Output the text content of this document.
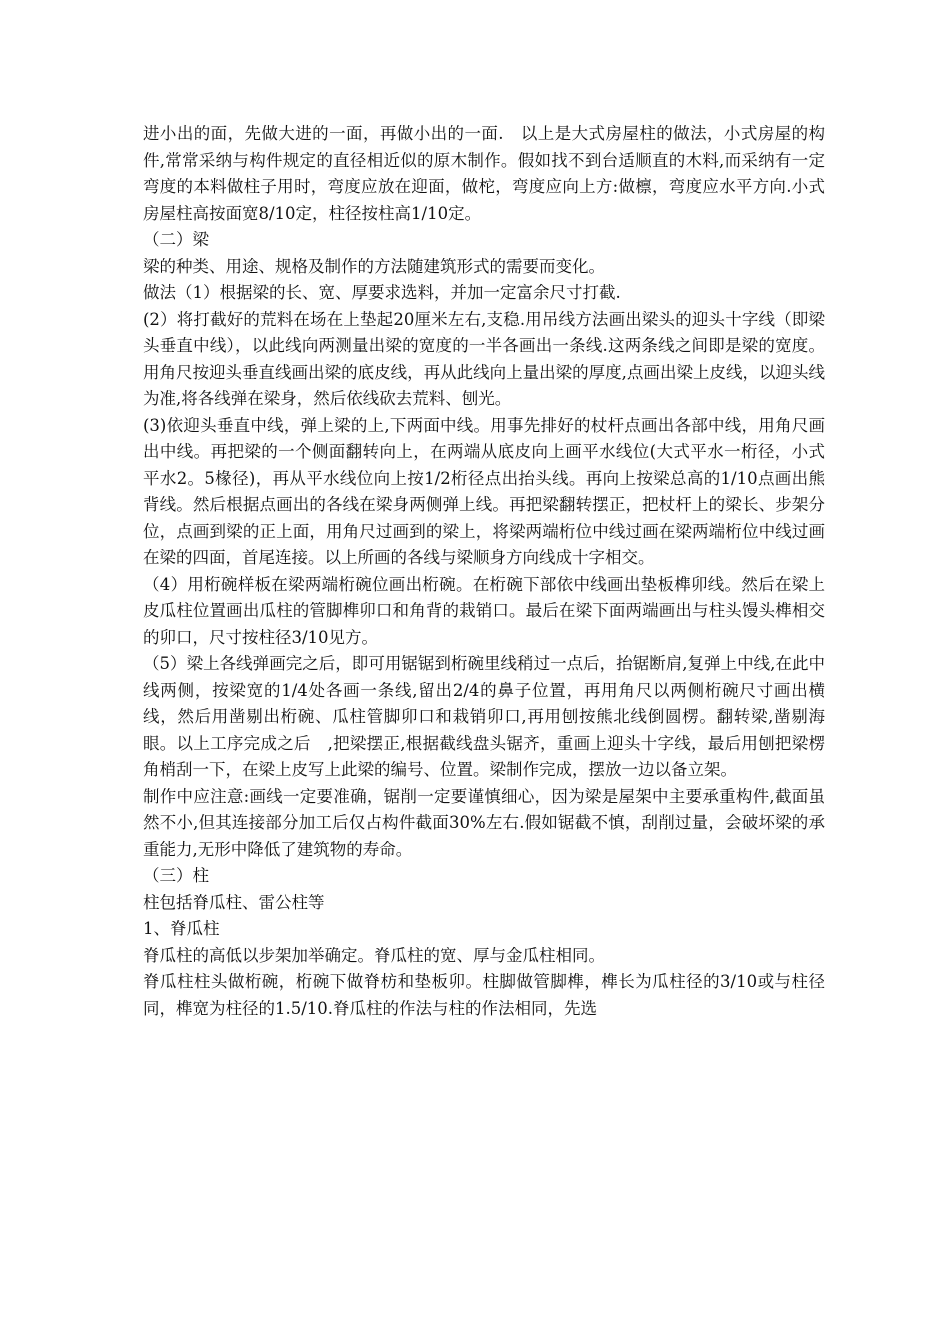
进小出的面，先做大进的一面，再做小出的一面.　以上是大式房屋柱的做法，小式房屋的构件,常常采纳与构件规定的直径相近似的原木制作。假如找不到台适顺直的木料,而采纳有一定弯度的本料做柱子用时，弯度应放在迎面，做柁，弯度应向上方:做檩，弯度应水平方向.小式房屋柱高按面宽8/10定，柱径按柱高1/10定。

（二）梁

梁的种类、用途、规格及制作的方法随建筑形式的需要而变化。

做法（1）根据梁的长、宽、厚要求选料，并加一定富余尺寸打截.

(2）将打截好的荒料在场在上垫起20厘米左右,支稳.用吊线方法画出梁头的迎头十字线（即梁头垂直中线），以此线向两测量出梁的宽度的一半各画出一条线.这两条线之间即是梁的宽度。用角尺按迎头垂直线画出梁的底皮线，再从此线向上量出梁的厚度,点画出梁上皮线，以迎头线为准,将各线弹在梁身，然后依线砍去荒料、刨光。

(3)依迎头垂直中线，弹上梁的上,下两面中线。用事先排好的杖杆点画出各部中线，用角尺画出中线。再把梁的一个侧面翻转向上，在两端从底皮向上画平水线位(大式平水一桁径，小式平水2。5椽径)，再从平水线位向上按1/2桁径点出抬头线。再向上按梁总高的1/10点画出熊背线。然后根据点画出的各线在梁身两侧弹上线。再把梁翻转摆正，把杖杆上的梁长、步架分位，点画到梁的正上面，用角尺过画到的梁上，将梁两端桁位中线过画在梁两端桁位中线过画在梁的四面，首尾连接。以上所画的各线与梁顺身方向线成十字相交。

（4）用桁碗样板在梁两端桁碗位画出桁碗。在桁碗下部依中线画出垫板榫卯线。然后在梁上皮瓜柱位置画出瓜柱的管脚榫卯口和角背的栽销口。最后在梁下面两端画出与柱头馒头榫相交的卯口，尺寸按柱径3/10见方。

（5）梁上各线弹画完之后，即可用锯锯到桁碗里线稍过一点后，抬锯断肩,复弹上中线,在此中线两侧，按梁宽的1/4处各画一条线,留出2/4的鼻子位置，再用角尺以两侧桁碗尺寸画出横线，然后用凿剔出桁碗、瓜柱管脚卯口和栽销卯口,再用刨按熊北线倒圆楞。翻转梁,凿剔海眼。以上工序完成之后　,把梁摆正,根据截线盘头锯齐，重画上迎头十字线，最后用刨把梁楞角梢刮一下，在梁上皮写上此梁的编号、位置。梁制作完成，摆放一边以备立架。

制作中应注意:画线一定要准确，锯削一定要谨慎细心，因为梁是屋架中主要承重构件,截面虽然不小,但其连接部分加工后仅占构件截面30%左右.假如锯截不慎，刮削过量，会破坏梁的承重能力,无形中降低了建筑物的寿命。

（三）柱

柱包括脊瓜柱、雷公柱等

1、脊瓜柱

脊瓜柱的高低以步架加举确定。脊瓜柱的宽、厚与金瓜柱相同。

脊瓜柱柱头做桁碗，桁碗下做脊枋和垫板卯。柱脚做管脚榫，榫长为瓜柱径的3/10或与柱径同，榫宽为柱径的1.5/10.脊瓜柱的作法与柱的作法相同，先选
